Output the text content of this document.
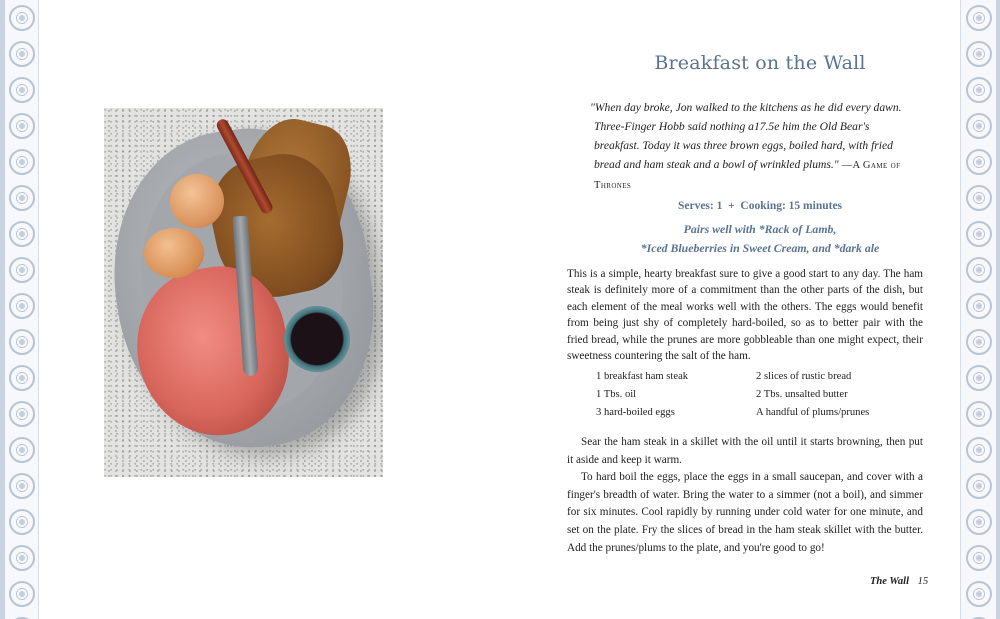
Breakfast on the Wall
"When day broke, Jon walked to the kitchens as he did every dawn. Three-Finger Hobb said nothing a17.5e him the Old Bear's breakfast. Today it was three brown eggs, boiled hard, with fried bread and ham steak and a bowl of wrinkled plums." —A Game of Thrones
Serves: 1 + Cooking: 15 minutes
Pairs well with *Rack of Lamb,
*Iced Blueberries in Sweet Cream, and *dark ale

This is a simple, hearty breakfast sure to give a good start to any day. The ham steak is definitely more of a commitment than the other parts of the dish, but each element of the meal works well with the others. The eggs would benefit from being just shy of completely hard-boiled, so as to better pair with the fried bread, while the prunes are more gobbleable than one might expect, their sweetness countering the salt of the ham.

1 breakfast ham steak	2 slices of rustic bread
1 Tbs. oil	2 Tbs. unsalted butter
3 hard-boiled eggs	A handful of plums/prunes

Sear the ham steak in a skillet with the oil until it starts browning, then put it aside and keep it warm.

To hard boil the eggs, place the eggs in a small saucepan, and cover with a finger's breadth of water. Bring the water to a simmer (not a boil), and simmer for six minutes. Cool rapidly by running under cold water for one minute, and set on the plate. Fry the slices of bread in the ham steak skillet with the butter. Add the prunes/plums to the plate, and you're good to go!

The Wall 15
